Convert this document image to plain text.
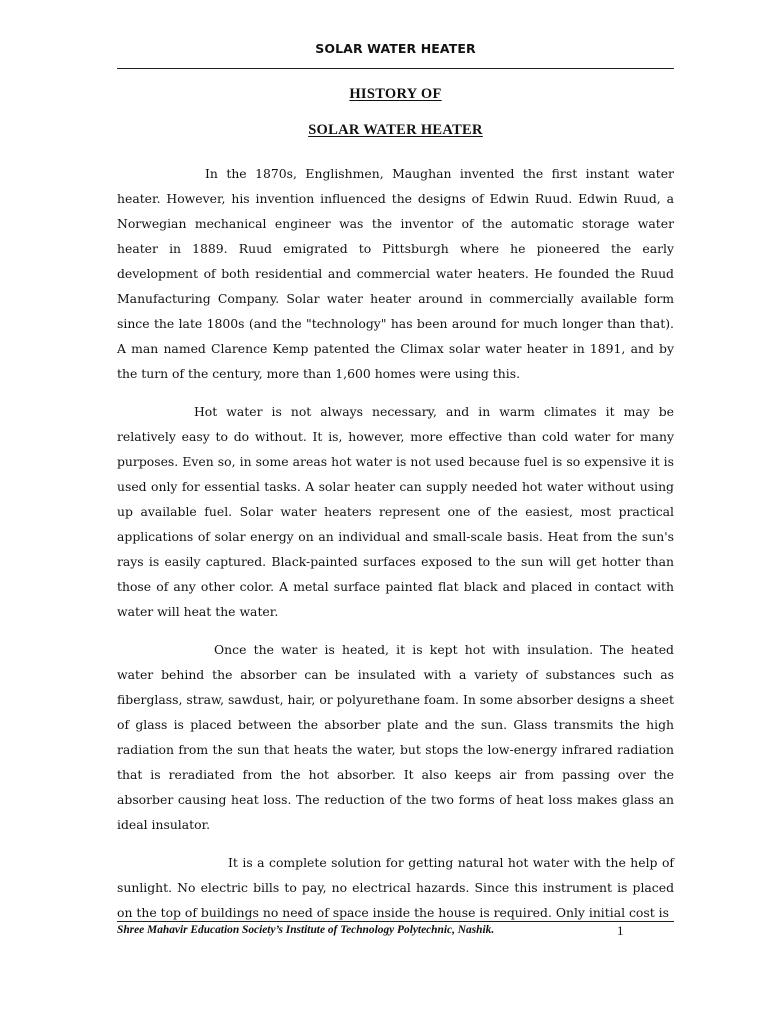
SOLAR WATER HEATER
HISTORY OF
SOLAR WATER HEATER

In the 1870s, Englishmen, Maughan invented the first instant water heater. However, his invention influenced the designs of Edwin Ruud. Edwin Ruud, a Norwegian mechanical engineer was the inventor of the automatic storage water heater in 1889. Ruud emigrated to Pittsburgh where he pioneered the early development of both residential and commercial water heaters. He founded the Ruud Manufacturing Company. Solar water heater around in commercially available form since the late 1800s (and the "technology" has been around for much longer than that). A man named Clarence Kemp patented the Climax solar water heater in 1891, and by the turn of the century, more than 1,600 homes were using this.

Hot water is not always necessary, and in warm climates it may be relatively easy to do without. It is, however, more effective than cold water for many purposes. Even so, in some areas hot water is not used because fuel is so expensive it is used only for essential tasks. A solar heater can supply needed hot water without using up available fuel. Solar water heaters represent one of the easiest, most practical applications of solar energy on an individual and small-scale basis. Heat from the sun's rays is easily captured. Black-painted surfaces exposed to the sun will get hotter than those of any other color. A metal surface painted flat black and placed in contact with water will heat the water.

Once the water is heated, it is kept hot with insulation. The heated water behind the absorber can be insulated with a variety of substances such as fiberglass, straw, sawdust, hair, or polyurethane foam. In some absorber designs a sheet of glass is placed between the absorber plate and the sun. Glass transmits the high radiation from the sun that heats the water, but stops the low-energy infrared radiation that is reradiated from the hot absorber. It also keeps air from passing over the absorber causing heat loss. The reduction of the two forms of heat loss makes glass an ideal insulator.

It is a complete solution for getting natural hot water with the help of sunlight. No electric bills to pay, no electrical hazards. Since this instrument is placed on the top of buildings no need of space inside the house is required. Only initial cost is

Shree Mahavir Education Society’s Institute of Technology Polytechnic, Nashik.	1
